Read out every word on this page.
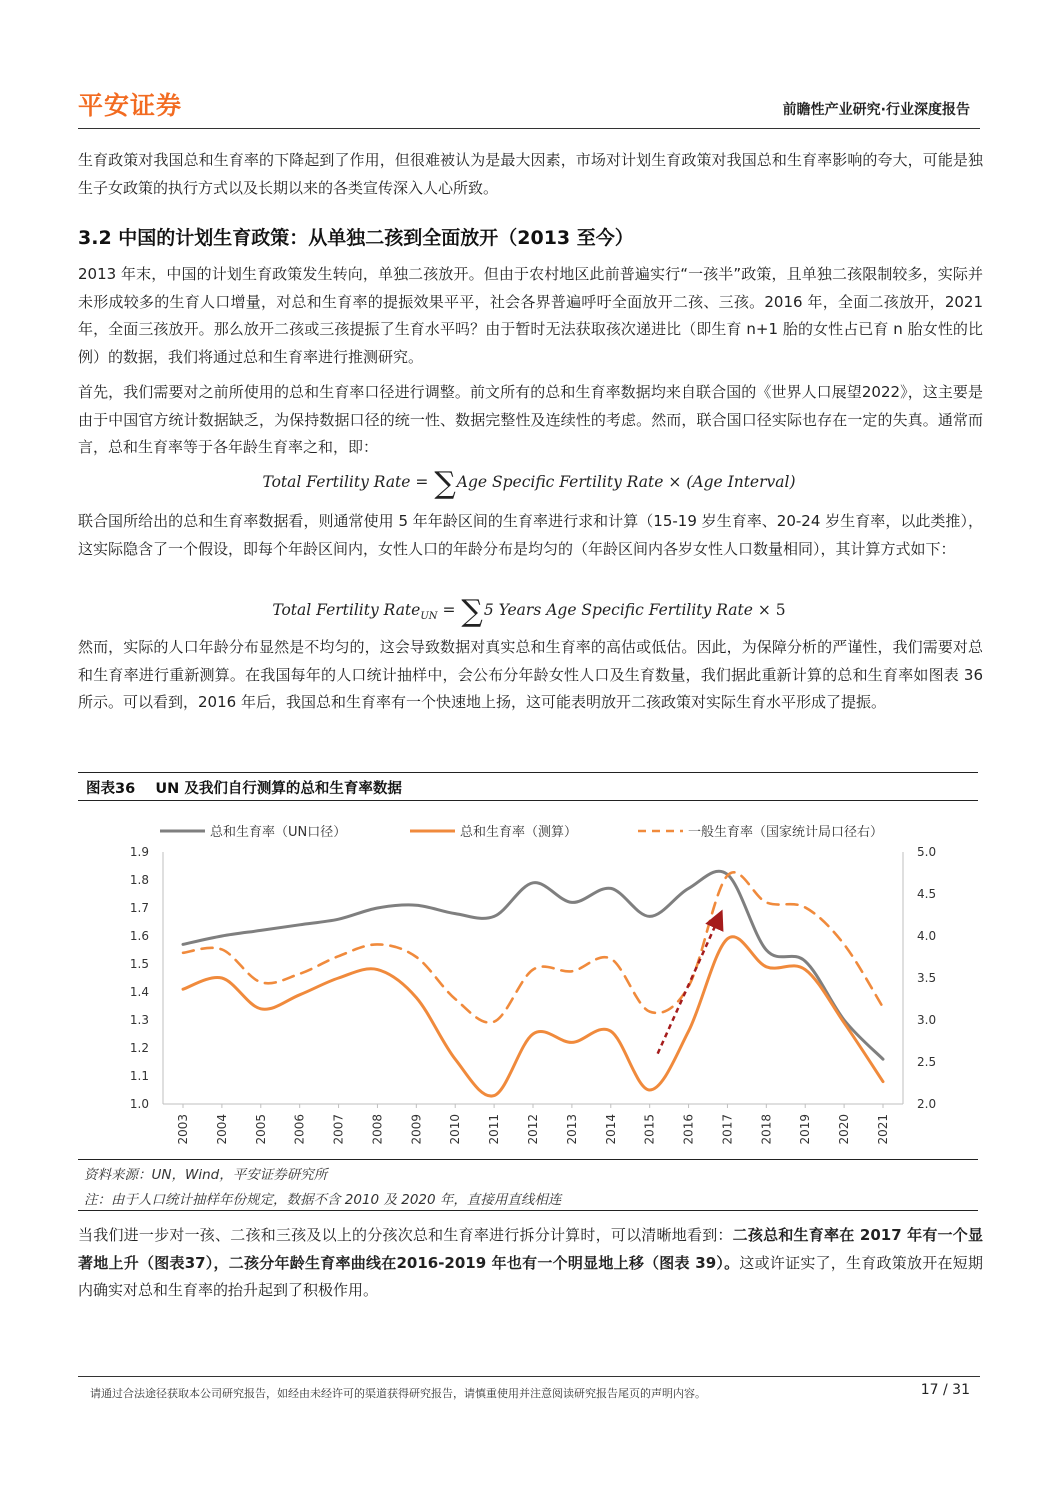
平安证券	前瞻性产业研究·行业深度报告

生育政策对我国总和生育率的下降起到了作用，但很难被认为是最大因素，市场对计划生育政策对我国总和生育率影响的夸大，可能是独生子女政策的执行方式以及长期以来的各类宣传深入人心所致。

3.2 中国的计划生育政策：从单独二孩到全面放开（2013 至今）

2013 年末，中国的计划生育政策发生转向，单独二孩放开。但由于农村地区此前普遍实行“一孩半”政策，且单独二孩限制较多，实际并未形成较多的生育人口增量，对总和生育率的提振效果平平，社会各界普遍呼吁全面放开二孩、三孩。2016 年，全面二孩放开，2021 年，全面三孩放开。那么放开二孩或三孩提振了生育水平吗？由于暂时无法获取孩次递进比（即生育 n+1 胎的女性占已育 n 胎女性的比例）的数据，我们将通过总和生育率进行推测研究。

首先，我们需要对之前所使用的总和生育率口径进行调整。前文所有的总和生育率数据均来自联合国的《世界人口展望2022》，这主要是由于中国官方统计数据缺乏，为保持数据口径的统一性、数据完整性及连续性的考虑。然而，联合国口径实际也存在一定的失真。通常而言，总和生育率等于各年龄生育率之和，即：

Total Fertility Rate = ∑Age Specific Fertility Rate × (Age Interval)

联合国所给出的总和生育率数据看，则通常使用 5 年年龄区间的生育率进行求和计算（15-19 岁生育率、20-24 岁生育率，以此类推），这实际隐含了一个假设，即每个年龄区间内，女性人口的年龄分布是均匀的（年龄区间内各岁女性人口数量相同），其计算方式如下：

Total Fertility Rate$_{UN}$ = ∑5 Years Age Specific Fertility Rate × 5

然而，实际的人口年龄分布显然是不均匀的，这会导致数据对真实总和生育率的高估或低估。因此，为保障分析的严谨性，我们需要对总和生育率进行重新测算。在我国每年的人口统计抽样中，会公布分年龄女性人口及生育数量，我们据此重新计算的总和生育率如图表 36 所示。可以看到，2016 年后，我国总和生育率有一个快速地上扬，这可能表明放开二孩政策对实际生育水平形成了提振。

图表36 UN 及我们自行测算的总和生育率数据
总和生育率（UN口径）	总和生育率（测算）	一般生育率（国家统计局口径右）
1.0
1.1
1.2
1.3
1.4
1.5
1.6
1.7
1.8
1.9
2.0
2.5
3.0
3.5
4.0
4.5
5.0
2003 2004 2005 2006 2007 2008 2009 2010 2011 2012 2013 2014 2015 2016 2017 2018 2019 2020 2021
资料来源：UN，Wind，平安证券研究所
注：由于人口统计抽样年份规定，数据不含 2010 及 2020 年，直接用直线相连

当我们进一步对一孩、二孩和三孩及以上的分孩次总和生育率进行拆分计算时，可以清晰地看到：二孩总和生育率在 2017 年有一个显著地上升（图表37），二孩分年龄生育率曲线在2016-2019 年也有一个明显地上移（图表 39）。这或许证实了，生育政策放开在短期内确实对总和生育率的抬升起到了积极作用。

请通过合法途径获取本公司研究报告，如经由未经许可的渠道获得研究报告，请慎重使用并注意阅读研究报告尾页的声明内容。	17 / 31
